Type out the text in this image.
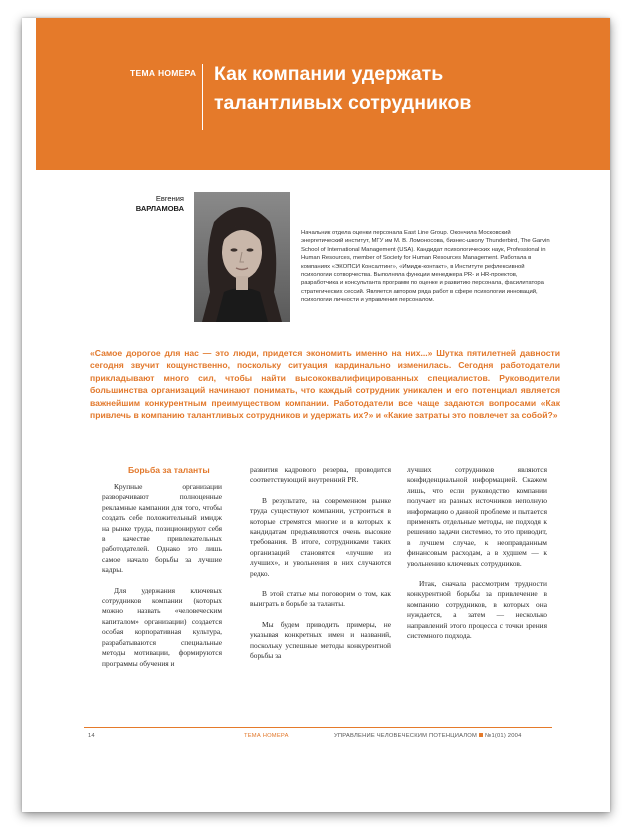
ТЕМА НОМЕРА Как компании удержать талантливых сотрудников
Евгения
ВАРЛАМОВА
Начальник отдела оценки персонала East Line Group. Окончила Московский энергетический институт, МГУ им М. В. Ломоносова, бизнес-школу Thunderbird, The Garvin School of International Management (USA). Кандидат психологических наук, Professional in Human Resources, member of Society for Human Resources Management. Работала в компаниях «ЭКОПСИ Консалтинг», «Имидж-контакт», в Институте рефлексивной психологии сотворчества. Выполняла функции менеджера PR- и HR-проектов, разработчика и консультанта программ по оценке и развитию персонала, фасилитатора стратегических сессий. Является автором ряда работ в сфере психологии инноваций, психологии личности и управления персоналом.
«Самое дорогое для нас — это люди, придется экономить именно на них...» Шутка пятилетней давности сегодня звучит кощунственно, поскольку ситуация кардинально изменилась. Сегодня работодатели прикладывают много сил, чтобы найти высококвалифицированных специалистов. Руководители большинства организаций начинают понимать, что каждый сотрудник уникален и его потенциал является важнейшим конкурентным преимуществом компании. Работодатели все чаще задаются вопросами «Как привлечь в компанию талантливых сотрудников и удержать их?» и «Какие затраты это повлечет за собой?»
Борьба за таланты

Крупные организации разворачивают полноценные рекламные кампании для того, чтобы создать себе положительный имидж на рынке труда, позиционируют себя в качестве привлекательных работодателей. Однако это лишь самое начало борьбы за лучшие кадры.

Для удержания ключевых сотрудников компании (которых можно назвать «человеческим капиталом» организации) создается особая корпоративная культура, разрабатываются специальные методы мотивации, формируются программы обучения и

развития кадрового резерва, проводится соответствующий внутренний PR.

В результате, на современном рынке труда существуют компании, устроиться в которые стремятся многие и в которых к кандидатам предъявляются очень высокие требования. В итоге, сотрудниками таких организаций становятся «лучшие из лучших», и увольнения в них случаются редко.

В этой статье мы поговорим о том, как выиграть в борьбе за таланты.

Мы будем приводить примеры, не указывая конкретных имен и названий, поскольку успешные методы конкурентной борьбы за

лучших сотрудников являются конфиденциальной информацией. Скажем лишь, что если руководство компании получает из разных источников неполную информацию о данной проблеме и пытается применять отдельные методы, не подходя к решению задачи системно, то это приводит, в лучшем случае, к неоправданным финансовым расходам, а в худшем — к увольнению ключевых сотрудников.

Итак, сначала рассмотрим трудности конкурентной борьбы за привлечение в компанию сотрудников, в которых она нуждается, а затем — несколько направлений этого процесса с точки зрения системного подхода.

14	ТЕМА НОМЕРА	УПРАВЛЕНИЕ ЧЕЛОВЕЧЕСКИМ ПОТЕНЦИАЛОМ №1(01) 2004
